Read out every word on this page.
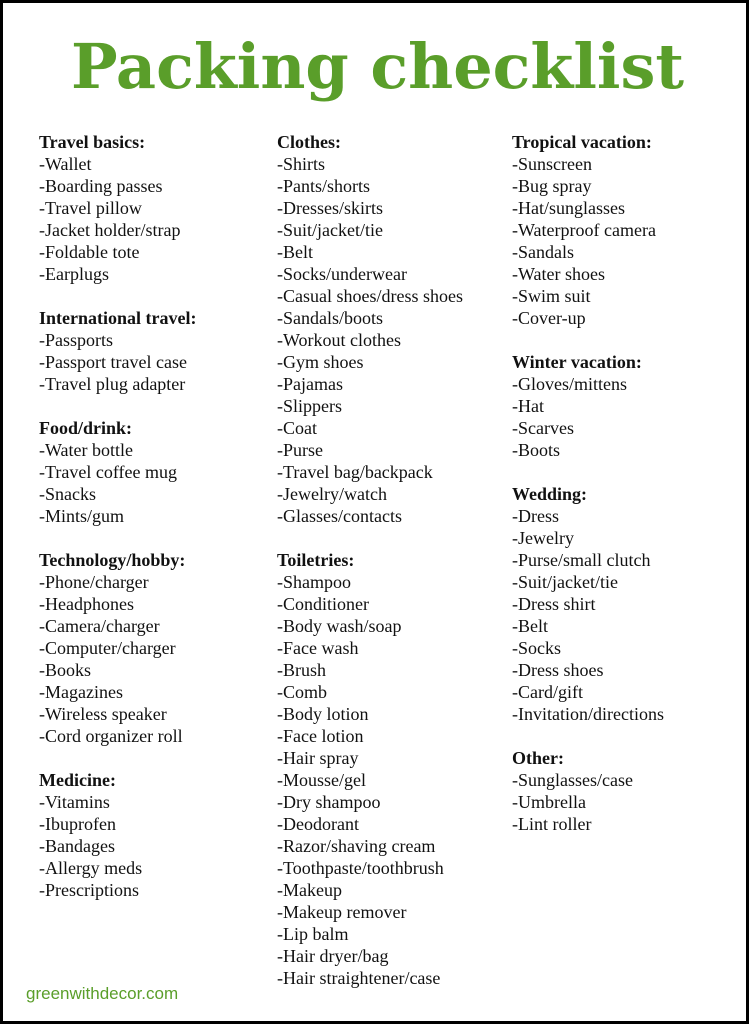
Packing checklist
Travel basics:
-Wallet
-Boarding passes
-Travel pillow
-Jacket holder/strap
-Foldable tote
-Earplugs
International travel:
-Passports
-Passport travel case
-Travel plug adapter
Food/drink:
-Water bottle
-Travel coffee mug
-Snacks
-Mints/gum
Technology/hobby:
-Phone/charger
-Headphones
-Camera/charger
-Computer/charger
-Books
-Magazines
-Wireless speaker
-Cord organizer roll
Medicine:
-Vitamins
-Ibuprofen
-Bandages
-Allergy meds
-Prescriptions
Clothes:
-Shirts
-Pants/shorts
-Dresses/skirts
-Suit/jacket/tie
-Belt
-Socks/underwear
-Casual shoes/dress shoes
-Sandals/boots
-Workout clothes
-Gym shoes
-Pajamas
-Slippers
-Coat
-Purse
-Travel bag/backpack
-Jewelry/watch
-Glasses/contacts
Toiletries:
-Shampoo
-Conditioner
-Body wash/soap
-Face wash
-Brush
-Comb
-Body lotion
-Face lotion
-Hair spray
-Mousse/gel
-Dry shampoo
-Deodorant
-Razor/shaving cream
-Toothpaste/toothbrush
-Makeup
-Makeup remover
-Lip balm
-Hair dryer/bag
-Hair straightener/case
Tropical vacation:
-Sunscreen
-Bug spray
-Hat/sunglasses
-Waterproof camera
-Sandals
-Water shoes
-Swim suit
-Cover-up
Winter vacation:
-Gloves/mittens
-Hat
-Scarves
-Boots
Wedding:
-Dress
-Jewelry
-Purse/small clutch
-Suit/jacket/tie
-Dress shirt
-Belt
-Socks
-Dress shoes
-Card/gift
-Invitation/directions
Other:
-Sunglasses/case
-Umbrella
-Lint roller
greenwithdecor.com
